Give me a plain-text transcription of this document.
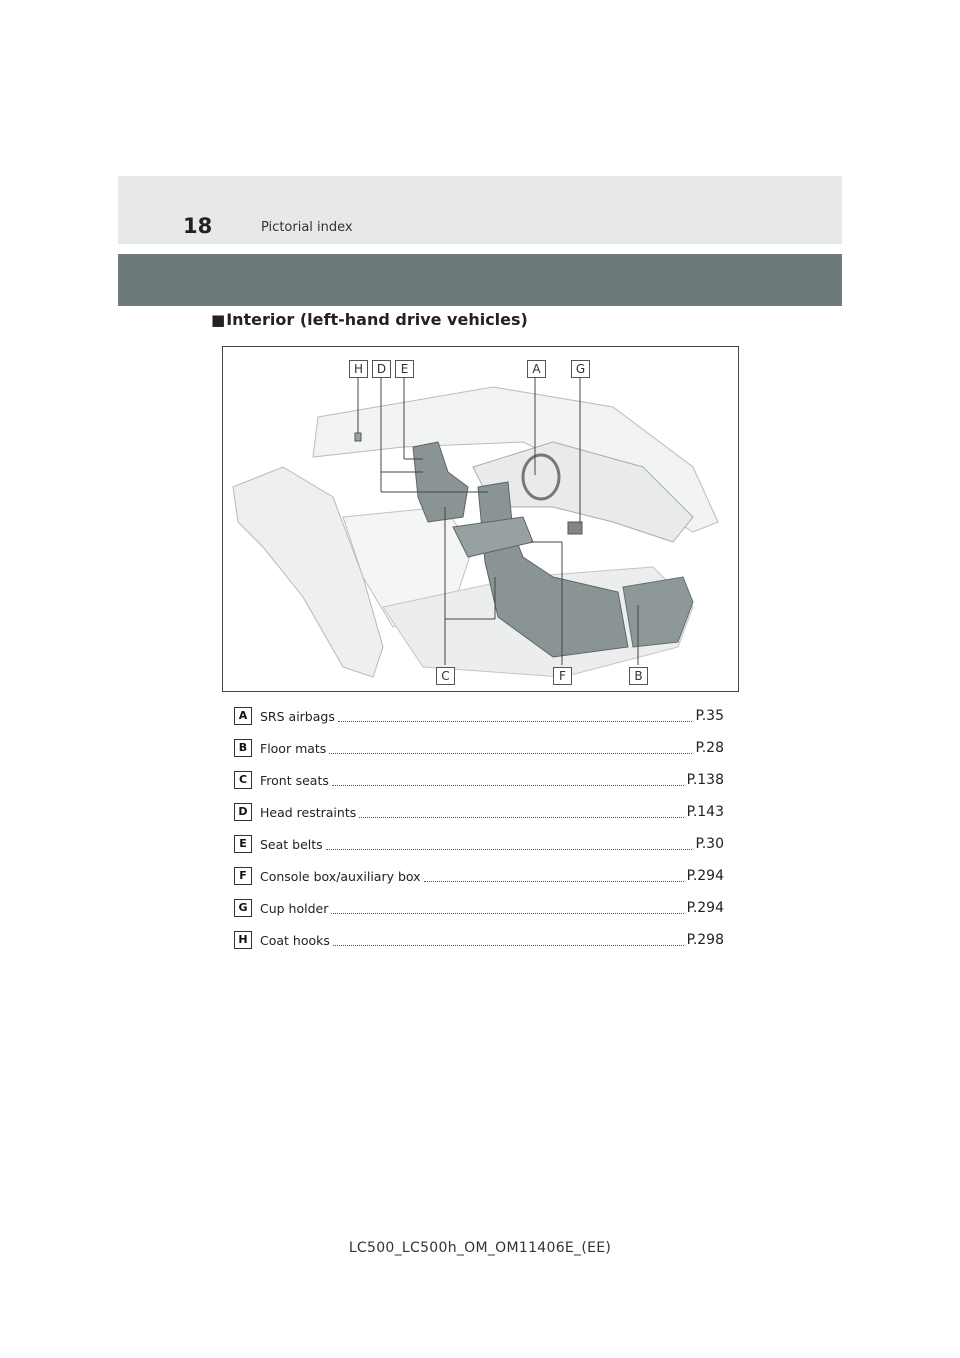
18	Pictorial index
■Interior (left-hand drive vehicles)
H	D	E	A	G
C	F	B
A	SRS airbags	P.35
B	Floor mats	P.28
C	Front seats	P.138
D Head restraints	P.143
E	Seat belts	P.30
F	Console box/auxiliary box	P.294
G Cup holder	P.294
H Coat hooks	P.298
LC500_LC500h_OM_OM11406E_(EE)
